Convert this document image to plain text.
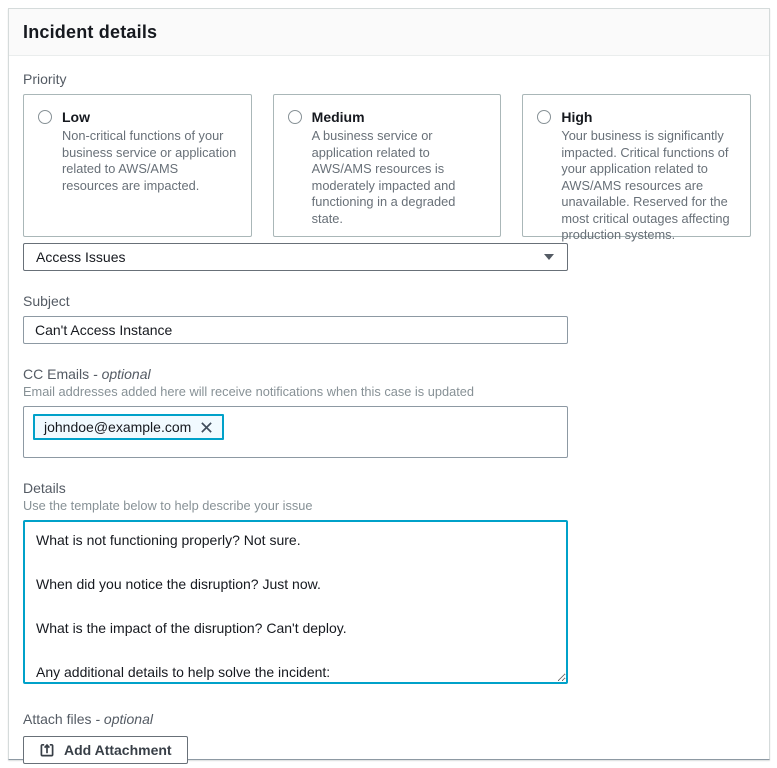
Incident details
Priority
Low
Non-critical functions of your business service or application related to AWS/AMS resources are impacted.
Medium
A business service or application related to AWS/AMS resources is moderately impacted and functioning in a degraded state.
High
Your business is significantly impacted. Critical functions of your application related to AWS/AMS resources are unavailable. Reserved for the most critical outages affecting production systems.
Access Issues
Subject
Can't Access Instance
CC Emails - optional
Email addresses added here will receive notifications when this case is updated
johndoe@example.com
Details
Use the template below to help describe your issue
What is not functioning properly? Not sure. When did you notice the disruption? Just now. What is the impact of the disruption? Can't deploy. Any additional details to help solve the incident:
Attach files - optional
Add Attachment
